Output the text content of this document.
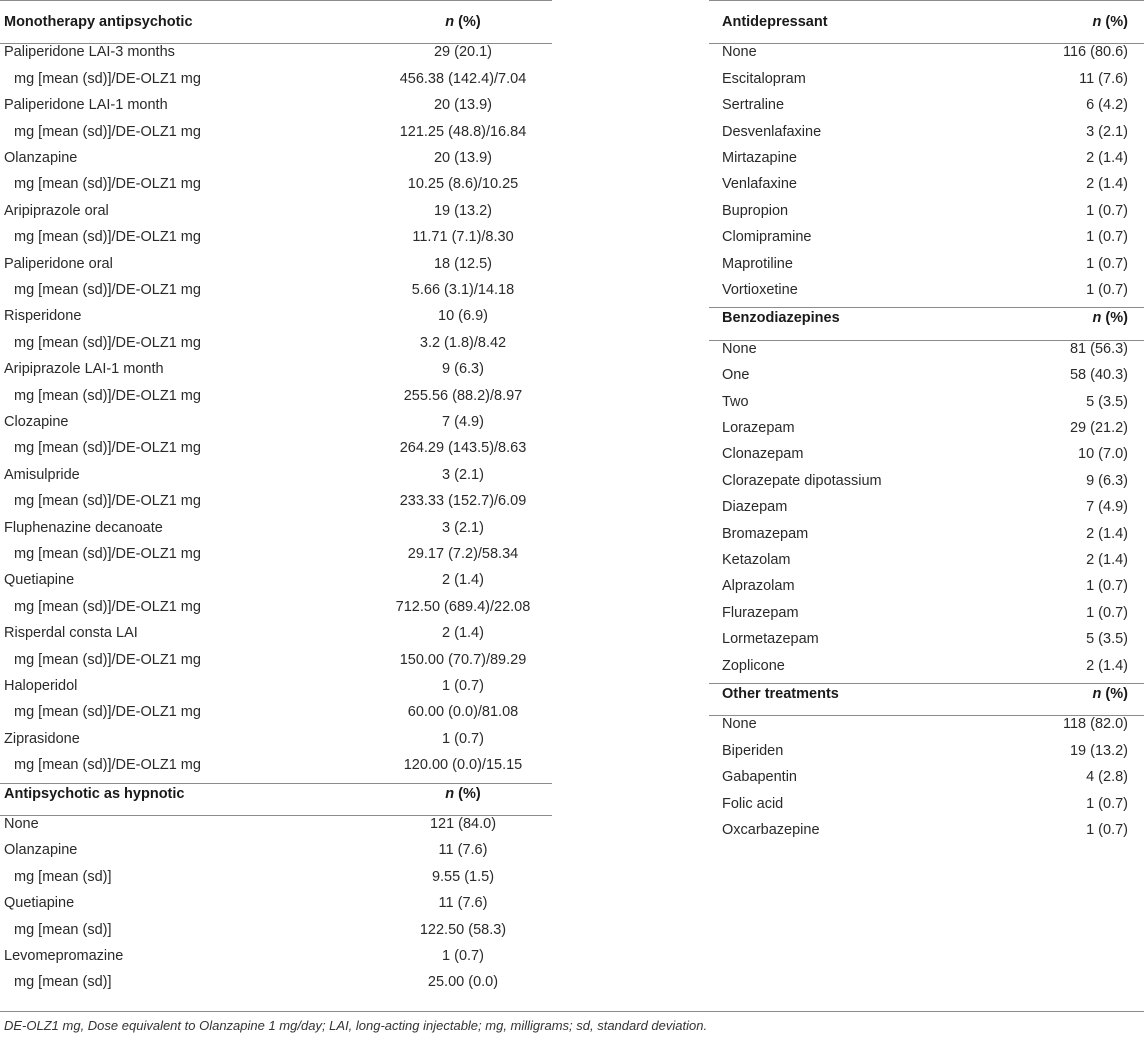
Monotherapy antipsychotic	n (%)
Paliperidone LAI-3 months	29 (20.1)
mg [mean (sd)]/DE-OLZ1 mg	456.38 (142.4)/7.04
Paliperidone LAI-1 month	20 (13.9)
mg [mean (sd)]/DE-OLZ1 mg	121.25 (48.8)/16.84
Olanzapine	20 (13.9)
mg [mean (sd)]/DE-OLZ1 mg	10.25 (8.6)/10.25
Aripiprazole oral	19 (13.2)
mg [mean (sd)]/DE-OLZ1 mg	11.71 (7.1)/8.30
Paliperidone oral	18 (12.5)
mg [mean (sd)]/DE-OLZ1 mg	5.66 (3.1)/14.18
Risperidone	10 (6.9)
mg [mean (sd)]/DE-OLZ1 mg	3.2 (1.8)/8.42
Aripiprazole LAI-1 month	9 (6.3)
mg [mean (sd)]/DE-OLZ1 mg	255.56 (88.2)/8.97
Clozapine	7 (4.9)
mg [mean (sd)]/DE-OLZ1 mg	264.29 (143.5)/8.63
Amisulpride	3 (2.1)
mg [mean (sd)]/DE-OLZ1 mg	233.33 (152.7)/6.09
Fluphenazine decanoate	3 (2.1)
mg [mean (sd)]/DE-OLZ1 mg	29.17 (7.2)/58.34
Quetiapine	2 (1.4)
mg [mean (sd)]/DE-OLZ1 mg	712.50 (689.4)/22.08
Risperdal consta LAI	2 (1.4)
mg [mean (sd)]/DE-OLZ1 mg	150.00 (70.7)/89.29
Haloperidol	1 (0.7)
mg [mean (sd)]/DE-OLZ1 mg	60.00 (0.0)/81.08
Ziprasidone	1 (0.7)
mg [mean (sd)]/DE-OLZ1 mg	120.00 (0.0)/15.15
Antipsychotic as hypnotic	n (%)
None	121 (84.0)
Olanzapine	11 (7.6)
mg [mean (sd)]	9.55 (1.5)
Quetiapine	11 (7.6)
mg [mean (sd)]	122.50 (58.3)
Levomepromazine	1 (0.7)
mg [mean (sd)]	25.00 (0.0)
Antidepressant	n (%)
None	116 (80.6)
Escitalopram	11 (7.6)
Sertraline	6 (4.2)
Desvenlafaxine	3 (2.1)
Mirtazapine	2 (1.4)
Venlafaxine	2 (1.4)
Bupropion	1 (0.7)
Clomipramine	1 (0.7)
Maprotiline	1 (0.7)
Vortioxetine	1 (0.7)
Benzodiazepines	n (%)
None	81 (56.3)
One	58 (40.3)
Two	5 (3.5)
Lorazepam	29 (21.2)
Clonazepam	10 (7.0)
Clorazepate dipotassium	9 (6.3)
Diazepam	7 (4.9)
Bromazepam	2 (1.4)
Ketazolam	2 (1.4)
Alprazolam	1 (0.7)
Flurazepam	1 (0.7)
Lormetazepam	5 (3.5)
Zoplicone	2 (1.4)
Other treatments	n (%)
None	118 (82.0)
Biperiden	19 (13.2)
Gabapentin	4 (2.8)
Folic acid	1 (0.7)
Oxcarbazepine	1 (0.7)
DE-OLZ1 mg, Dose equivalent to Olanzapine 1 mg/day; LAI, long-acting injectable; mg, milligrams; sd, standard deviation.
